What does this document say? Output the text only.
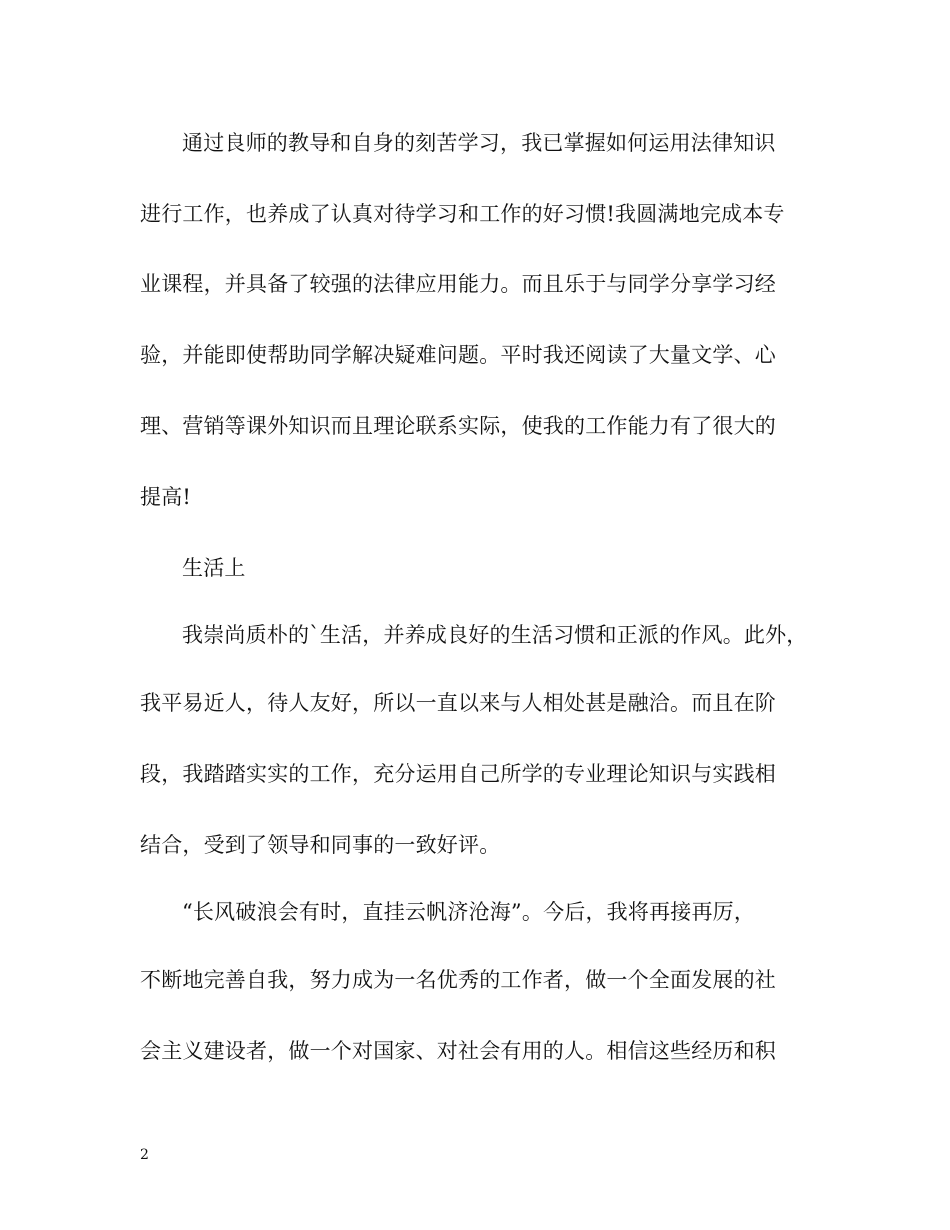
通过良师的教导和自身的刻苦学习，我已掌握如何运用法律知识
进行工作，也养成了认真对待学习和工作的好习惯!我圆满地完成本专
业课程，并具备了较强的法律应用能力。而且乐于与同学分享学习经
验，并能即使帮助同学解决疑难问题。平时我还阅读了大量文学、心
理、营销等课外知识而且理论联系实际，使我的工作能力有了很大的
提高!
生活上
我崇尚质朴的`生活，并养成良好的生活习惯和正派的作风。此外，
我平易近人，待人友好，所以一直以来与人相处甚是融洽。而且在阶
段，我踏踏实实的工作，充分运用自己所学的专业理论知识与实践相
结合，受到了领导和同事的一致好评。
“长风破浪会有时，直挂云帆济沧海”。今后，我将再接再厉，
不断地完善自我，努力成为一名优秀的工作者，做一个全面发展的社
会主义建设者，做一个对国家、对社会有用的人。相信这些经历和积
2
